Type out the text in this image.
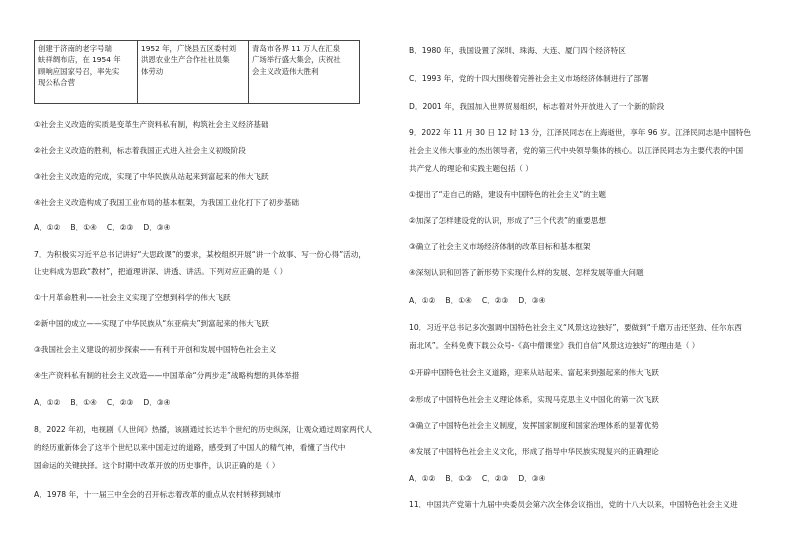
创建于济南的老字号瑞
蚨祥绸布店，在 1954 年
顾响应国家号召，率先实
现公私合营

1952 年，广饶县五区委村刘
洪恩农业生产合作社社员集
体劳动

青岛市各界 11 万人在汇泉
广场举行盛大集会，庆祝社
会主义改造伟大胜利
①社会主义改造的实质是变革生产资料私有制，构筑社会主义经济基础
②社会主义改造的胜利，标志着我国正式进入社会主义初级阶段
③社会主义改造的完成，实现了中华民族从站起来到富起来的伟大飞跃
④社会主义改造构成了我国工业布局的基本框架，为我国工业化打下了初步基础
A．①②　 B．①④　 C．②③　 D．③④
7．为积极实习近平总书记讲好“大思政课”的要求，某校组织开展“讲一个故事、写一份心得”活动，
让史料成为思政“教材”，把道理讲深、讲透、讲活。下列对应正确的是（ ）
①十月革命胜利——社会主义实现了空想到科学的伟大飞跃
②新中国的成立——实现了中华民族从“东亚病夫”到富起来的伟大飞跃
③我国社会主义建设的初步探索——有利于开创和发展中国特色社会主义
④生产资料私有制的社会主义改造——中国革命“分两步走”战略构想的具体举措
A．①②　 B．①④　 C．②③　 D．③④
8．2022 年初，电视剧《人世间》热播，该剧通过长达半个世纪的历史纵深，让观众通过周家两代人
的经历重新体会了这半个世纪以来中国走过的道路，感受到了中国人的精气神，看懂了当代中
国命运的关键抉择。这个时期中改革开放的历史事件，认识正确的是（ ）
A．1978 年，十一届三中全会的召开标志着改革的重点从农村转移到城市
B．1980 年，我国设置了深圳、珠海、大连、厦门四个经济特区
C．1993 年，党的十四大围绕着完善社会主义市场经济体制进行了部署
D．2001 年，我国加入世界贸易组织，标志着对外开放进入了一个新的阶段
9．2022 年 11 月 30 日 12 时 13 分，江泽民同志在上海逝世，享年 96 岁。江泽民同志是中国特色
社会主义伟大事业的杰出领导者，党的第三代中央领导集体的核心。以江泽民同志为主要代表的中国
共产党人的理论和实践主题包括（ ）
①提出了“走自己的路，建设有中国特色的社会主义”的主题
②加深了怎样建设党的认识，形成了“三个代表”的重要思想
③确立了社会主义市场经济体制的改革目标和基本框架
④深刻认识和回答了新形势下实现什么样的发展、怎样发展等重大问题
A．①②　 B．①④　 C．②③　 D．③④
10．习近平总书记多次强调中国特色社会主义“风景这边独好”，要做到“千磨万击还坚劲、任尔东西
南北风”。全科免费下载公众号-《高中僧课堂》我们自信“风景这边独好”的理由是（ ）
①开辟中国特色社会主义道路，迎来从站起来、富起来到强起来的伟大飞跃
②形成了中国特色社会主义理论体系，实现马克思主义中国化的第一次飞跃
③确立了中国特色社会主义制度，发挥国家制度和国家治理体系的显著优势
④发展了中国特色社会主义文化，形成了指导中华民族实现复兴的正确理论
A．①②　 B．①③　 C．②③　 D．③④
11．中国共产党第十九届中央委员会第六次全体会议指出，党的十八大以来，中国特色社会主义进
